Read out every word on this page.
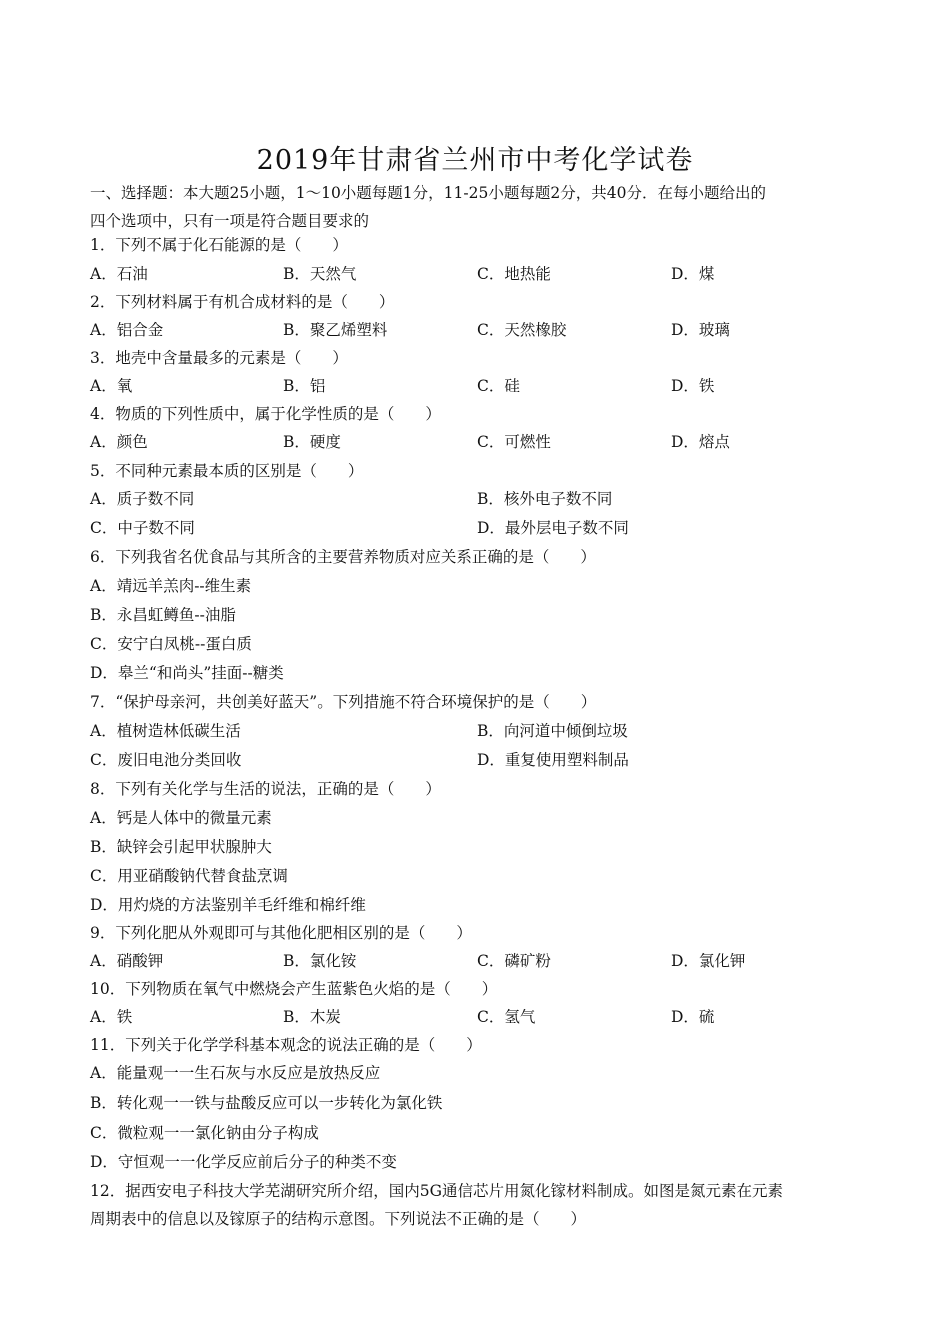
2019年甘肃省兰州市中考化学试卷
一、选择题：本大题25小题，1～10小题每题1分，11-25小题每题2分，共40分．在每小题给出的
四个选项中，只有一项是符合题目要求的
1．下列不属于化石能源的是（　　）
A．石油	B．天然气	C．地热能	D．煤
2．下列材料属于有机合成材料的是（　　）
A．铝合金	B．聚乙烯塑料	C．天然橡胶	D．玻璃
3．地壳中含量最多的元素是（　　）
A．氧	B．铝	C．硅	D．铁
4．物质的下列性质中，属于化学性质的是（　　）
A．颜色	B．硬度	C．可燃性	D．熔点
5．不同种元素最本质的区别是（　　）
A．质子数不同	B．核外电子数不同
C．中子数不同	D．最外层电子数不同
6．下列我省名优食品与其所含的主要营养物质对应关系正确的是（　　）
A．靖远羊羔肉--维生素
B．永昌虹鳟鱼--油脂
C．安宁白凤桃--蛋白质
D．皋兰“和尚头”挂面--糖类
7．“保护母亲河，共创美好蓝天”。下列措施不符合环境保护的是（　　）
A．植树造林低碳生活	B．向河道中倾倒垃圾
C．废旧电池分类回收	D．重复使用塑料制品
8．下列有关化学与生活的说法，正确的是（　　）
A．钙是人体中的微量元素
B．缺锌会引起甲状腺肿大
C．用亚硝酸钠代替食盐烹调
D．用灼烧的方法鉴别羊毛纤维和棉纤维
9．下列化肥从外观即可与其他化肥相区别的是（　　）
A．硝酸钾	B．氯化铵	C．磷矿粉	D．氯化钾
10．下列物质在氧气中燃烧会产生蓝紫色火焰的是（　　）
A．铁	B．木炭	C．氢气	D．硫
11．下列关于化学学科基本观念的说法正确的是（　　）
A．能量观一一生石灰与水反应是放热反应
B．转化观一一铁与盐酸反应可以一步转化为氯化铁
C．微粒观一一氯化钠由分子构成
D．守恒观一一化学反应前后分子的种类不变
12．据西安电子科技大学芜湖研究所介绍，国内5G通信芯片用氮化镓材料制成。如图是氮元素在元素
周期表中的信息以及镓原子的结构示意图。下列说法不正确的是（　　）
